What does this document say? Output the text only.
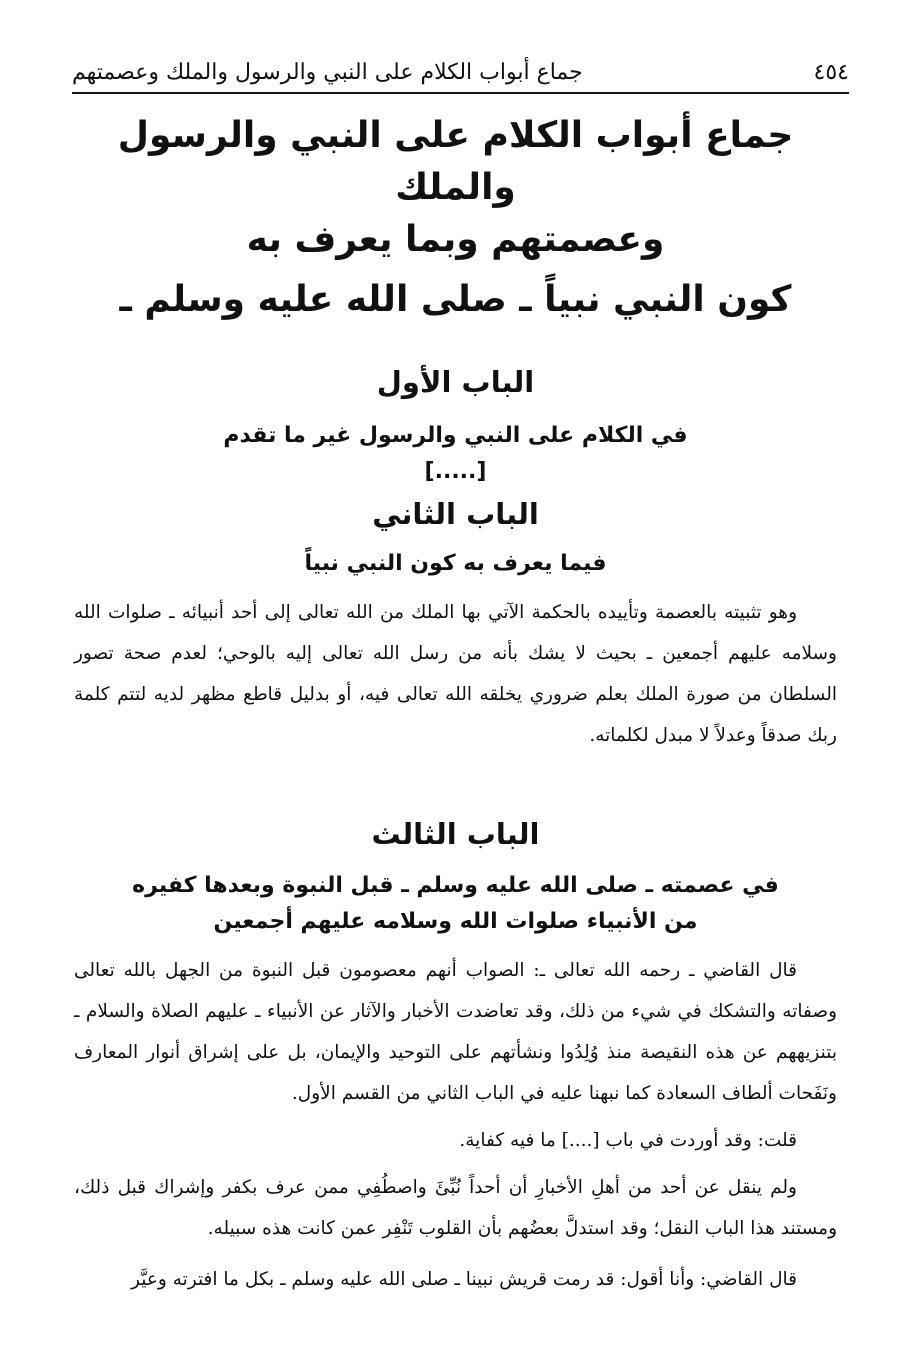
٤٥٤
جماع أبواب الكلام على النبي والرسول والملك وعصمتهم

جماع أبواب الكلام على النبي والرسول والملك

وعصمتهم وبما يعرف به

كون النبي نبياً ـ صلى الله عليه وسلم ـ

الباب الأول

في الكلام على النبي والرسول غير ما تقدم

[.....]

الباب الثاني

فيما يعرف به كون النبي نبياً

وهو تثبيته بالعصمة وتأييده بالحكمة الآتي بها الملك من الله تعالى إلى أحد أنبيائه ـ صلوات الله وسلامه عليهم أجمعين ـ بحيث لا يشك بأنه من رسل الله تعالى إليه بالوحي؛ لعدم صحة تصور السلطان من صورة الملك بعلم ضروري يخلقه الله تعالى فيه، أو بدليل قاطع مظهر لديه لتتم كلمة ربك صدقاً وعدلاً لا مبدل لكلماته.

الباب الثالث

في عصمته ـ صلى الله عليه وسلم ـ قبل النبوة وبعدها كفيره

من الأنبياء صلوات الله وسلامه عليهم أجمعين

قال القاضي ـ رحمه الله تعالى ـ: الصواب أنهم معصومون قبل النبوة من الجهل بالله تعالى وصفاته والتشكك في شيء من ذلك، وقد تعاضدت الأخبار والآثار عن الأنبياء ـ عليهم الصلاة والسلام ـ بتنزيههم عن هذه النقيصة منذ وُلِدُوا ونشأتهم على التوحيد والإيمان، بل على إشراق أنوار المعارف ونَفَحات ألطاف السعادة كما نبهنا عليه في الباب الثاني من القسم الأول.

قلت: وقد أوردت في باب [....] ما فيه كفاية.

ولم ينقل عن أحد من أهلِ الأخبارِ أن أحداً نُبِّئَ واصطُفِي ممن عرف بكفر وإشراك قبل ذلك، ومستند هذا الباب النقل؛ وقد استدلَّ بعضُهم بأن القلوب تَنْفِر عمن كانت هذه سبيله.

قال القاضي: وأنا أقول: قد رمت قريش نبينا ـ صلى الله عليه وسلم ـ بكل ما افترته وعيَّر
